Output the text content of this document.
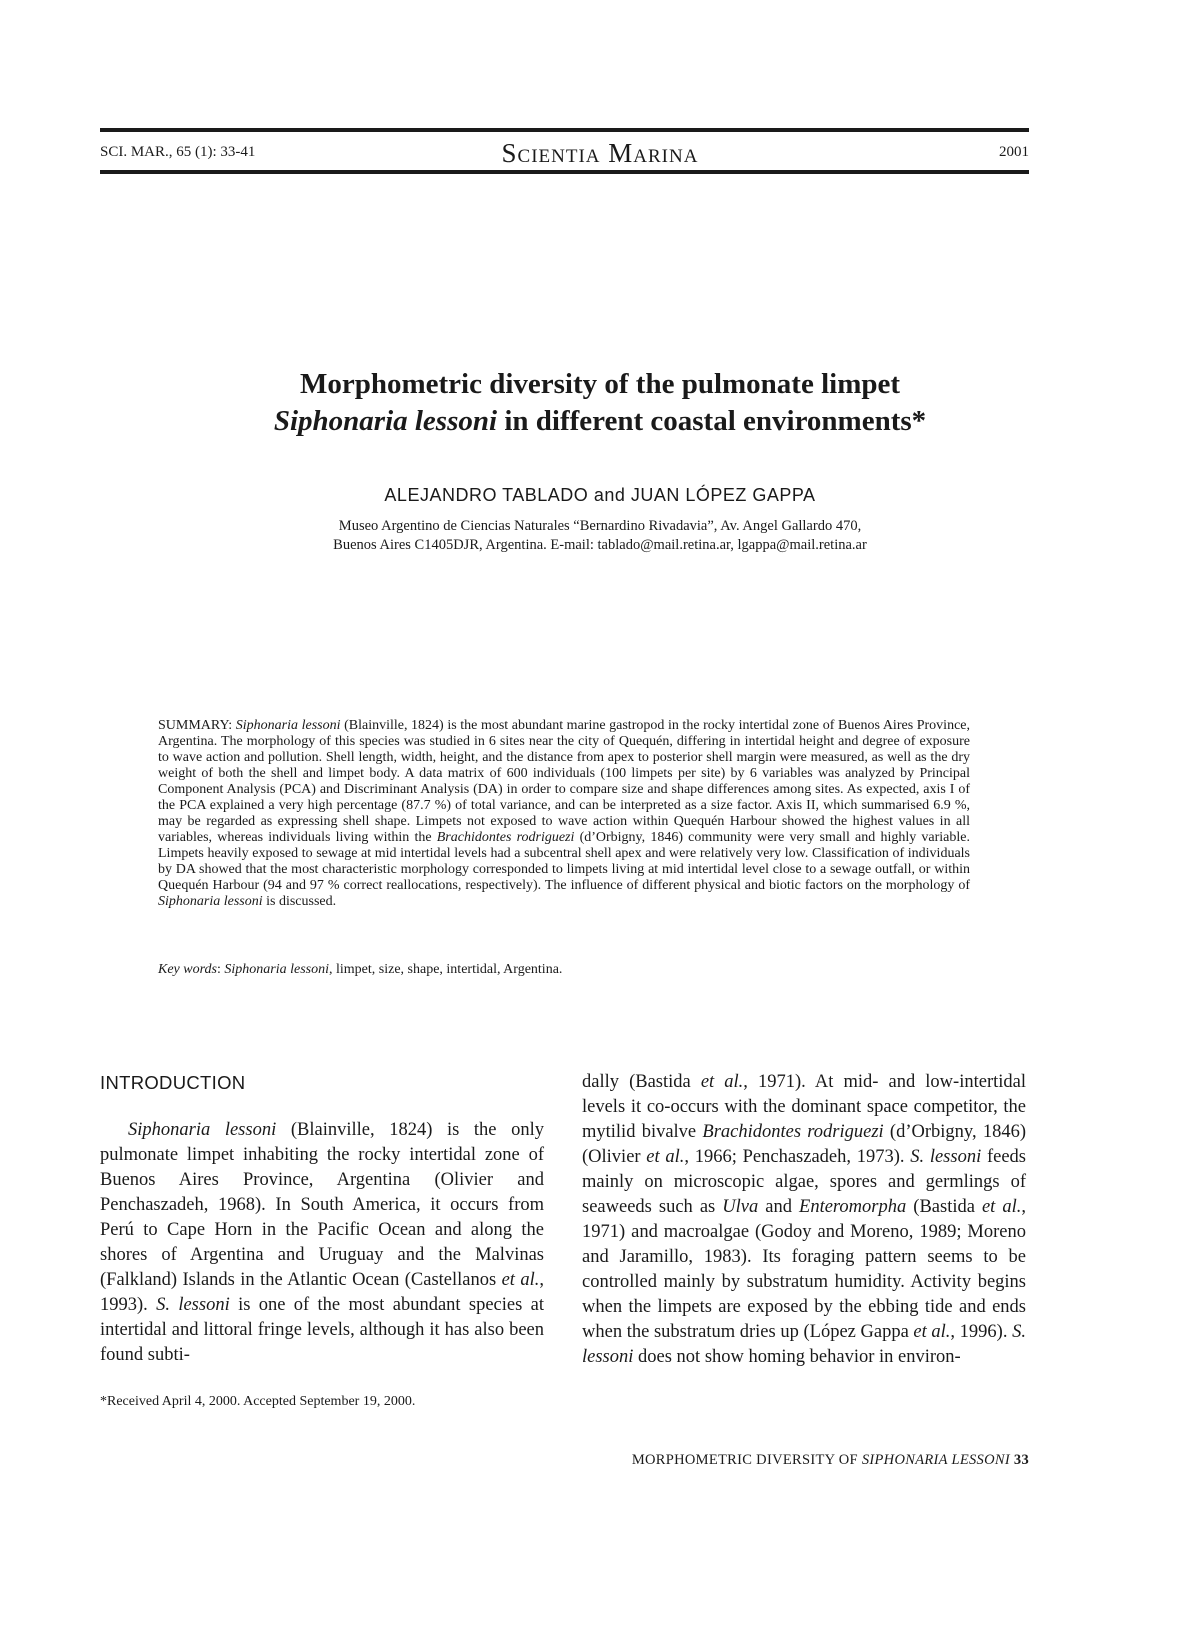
SCI. MAR., 65 (1): 33-41	Scientia Marina	2001
Morphometric diversity of the pulmonate limpet
Siphonaria lessoni in different coastal environments*
ALEJANDRO TABLADO and JUAN LÓPEZ GAPPA
Museo Argentino de Ciencias Naturales “Bernardino Rivadavia”, Av. Angel Gallardo 470,
Buenos Aires C1405DJR, Argentina. E-mail: tablado@mail.retina.ar, lgappa@mail.retina.ar
SUMMARY: Siphonaria lessoni (Blainville, 1824) is the most abundant marine gastropod in the rocky intertidal zone of Buenos Aires Province, Argentina. The morphology of this species was studied in 6 sites near the city of Quequén, differing in intertidal height and degree of exposure to wave action and pollution. Shell length, width, height, and the distance from apex to posterior shell margin were measured, as well as the dry weight of both the shell and limpet body. A data matrix of 600 individuals (100 limpets per site) by 6 variables was analyzed by Principal Component Analysis (PCA) and Discriminant Analysis (DA) in order to compare size and shape differences among sites. As expected, axis I of the PCA explained a very high percentage (87.7 %) of total variance, and can be interpreted as a size factor. Axis II, which summarised 6.9 %, may be regarded as expressing shell shape. Limpets not exposed to wave action within Quequén Harbour showed the highest values in all variables, whereas individuals living within the Brachidontes rodriguezi (d’Orbigny, 1846) community were very small and highly variable. Limpets heavily exposed to sewage at mid intertidal levels had a subcentral shell apex and were relatively very low. Classification of individuals by DA showed that the most characteristic morphology corresponded to limpets living at mid intertidal level close to a sewage outfall, or within Quequén Harbour (94 and 97 % correct reallocations, respectively). The influence of different physical and biotic factors on the morphology of Siphonaria lessoni is discussed.
Key words: Siphonaria lessoni, limpet, size, shape, intertidal, Argentina.
INTRODUCTION

Siphonaria lessoni (Blainville, 1824) is the only pulmonate limpet inhabiting the rocky intertidal zone of Buenos Aires Province, Argentina (Olivier and Penchaszadeh, 1968). In South America, it occurs from Perú to Cape Horn in the Pacific Ocean and along the shores of Argentina and Uruguay and the Malvinas (Falkland) Islands in the Atlantic Ocean (Castellanos et al., 1993). S. lessoni is one of the most abundant species at intertidal and littoral fringe levels, although it has also been found subti-

*Received April 4, 2000. Accepted September 19, 2000.

dally (Bastida et al., 1971). At mid- and low-intertidal levels it co-occurs with the dominant space competitor, the mytilid bivalve Brachidontes rodriguezi (d’Orbigny, 1846) (Olivier et al., 1966; Penchaszadeh, 1973). S. lessoni feeds mainly on microscopic algae, spores and germlings of seaweeds such as Ulva and Enteromorpha (Bastida et al., 1971) and macroalgae (Godoy and Moreno, 1989; Moreno and Jaramillo, 1983). Its foraging pattern seems to be controlled mainly by substratum humidity. Activity begins when the limpets are exposed by the ebbing tide and ends when the substratum dries up (López Gappa et al., 1996). S. lessoni does not show homing behavior in environ-

MORPHOMETRIC DIVERSITY OF SIPHONARIA LESSONI 33
